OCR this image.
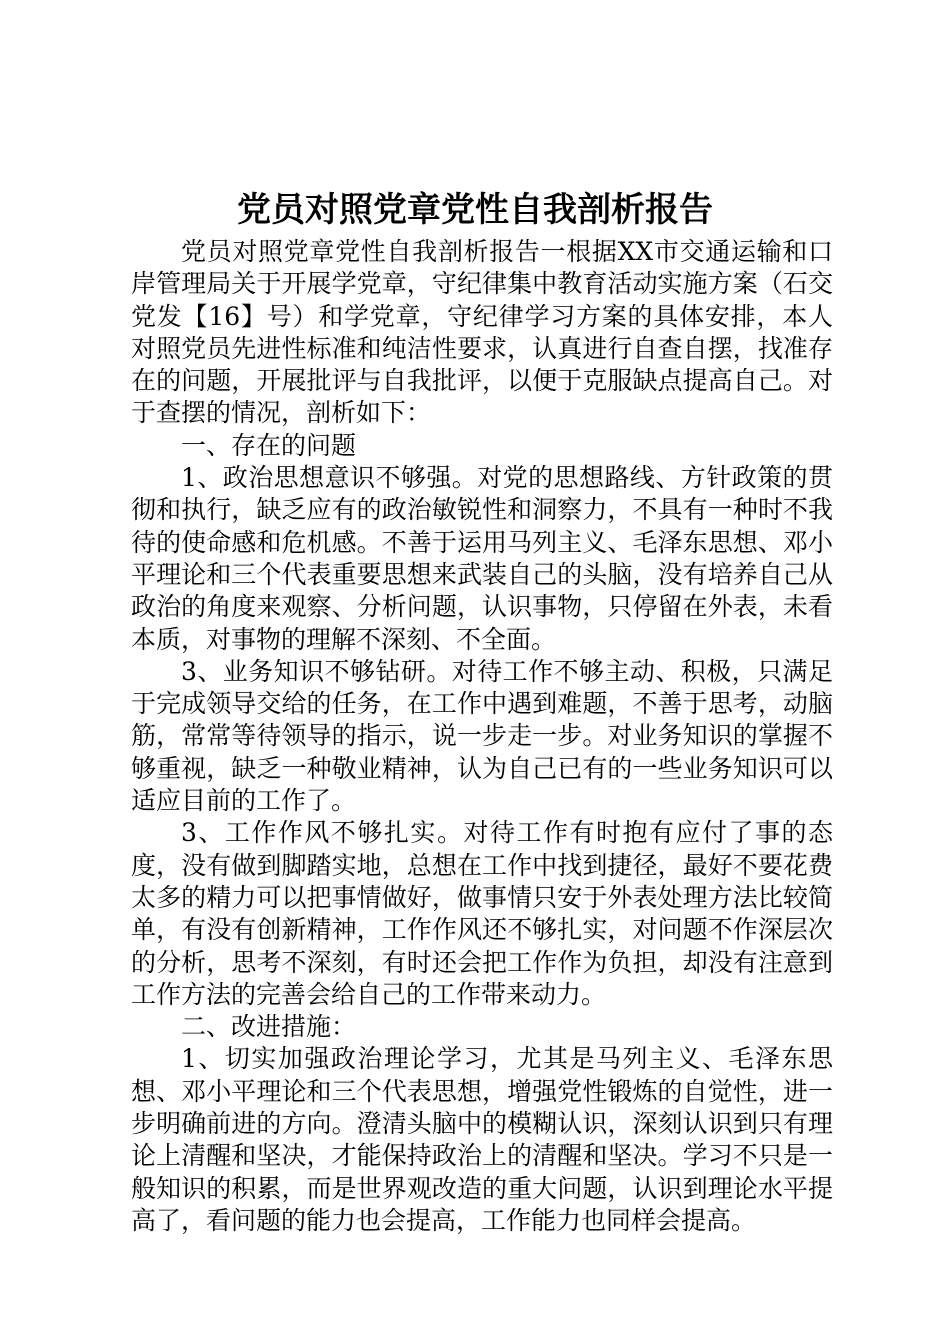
党员对照党章党性自我剖析报告

党员对照党章党性自我剖析报告一根据XX市交通运输和口岸管理局关于开展学党章，守纪律集中教育活动实施方案（石交党发【16】号）和学党章，守纪律学习方案的具体安排，本人对照党员先进性标准和纯洁性要求，认真进行自查自摆，找准存在的问题，开展批评与自我批评，以便于克服缺点提高自己。对于查摆的情况，剖析如下：

一、存在的问题

1、政治思想意识不够强。对党的思想路线、方针政策的贯彻和执行，缺乏应有的政治敏锐性和洞察力，不具有一种时不我待的使命感和危机感。不善于运用马列主义、毛泽东思想、邓小平理论和三个代表重要思想来武装自己的头脑，没有培养自己从政治的角度来观察、分析问题，认识事物，只停留在外表，未看本质，对事物的理解不深刻、不全面。

3、业务知识不够钻研。对待工作不够主动、积极，只满足于完成领导交给的任务，在工作中遇到难题，不善于思考，动脑筋，常常等待领导的指示，说一步走一步。对业务知识的掌握不够重视，缺乏一种敬业精神，认为自己已有的一些业务知识可以适应目前的工作了。

3、工作作风不够扎实。对待工作有时抱有应付了事的态度，没有做到脚踏实地，总想在工作中找到捷径，最好不要花费太多的精力可以把事情做好，做事情只安于外表处理方法比较简单，有没有创新精神，工作作风还不够扎实，对问题不作深层次的分析，思考不深刻，有时还会把工作作为负担，却没有注意到工作方法的完善会给自己的工作带来动力。

二、改进措施：

1、切实加强政治理论学习，尤其是马列主义、毛泽东思想、邓小平理论和三个代表思想，增强党性锻炼的自觉性，进一步明确前进的方向。澄清头脑中的模糊认识，深刻认识到只有理论上清醒和坚决，才能保持政治上的清醒和坚决。学习不只是一般知识的积累，而是世界观改造的重大问题，认识到理论水平提高了，看问题的能力也会提高，工作能力也同样会提高。
